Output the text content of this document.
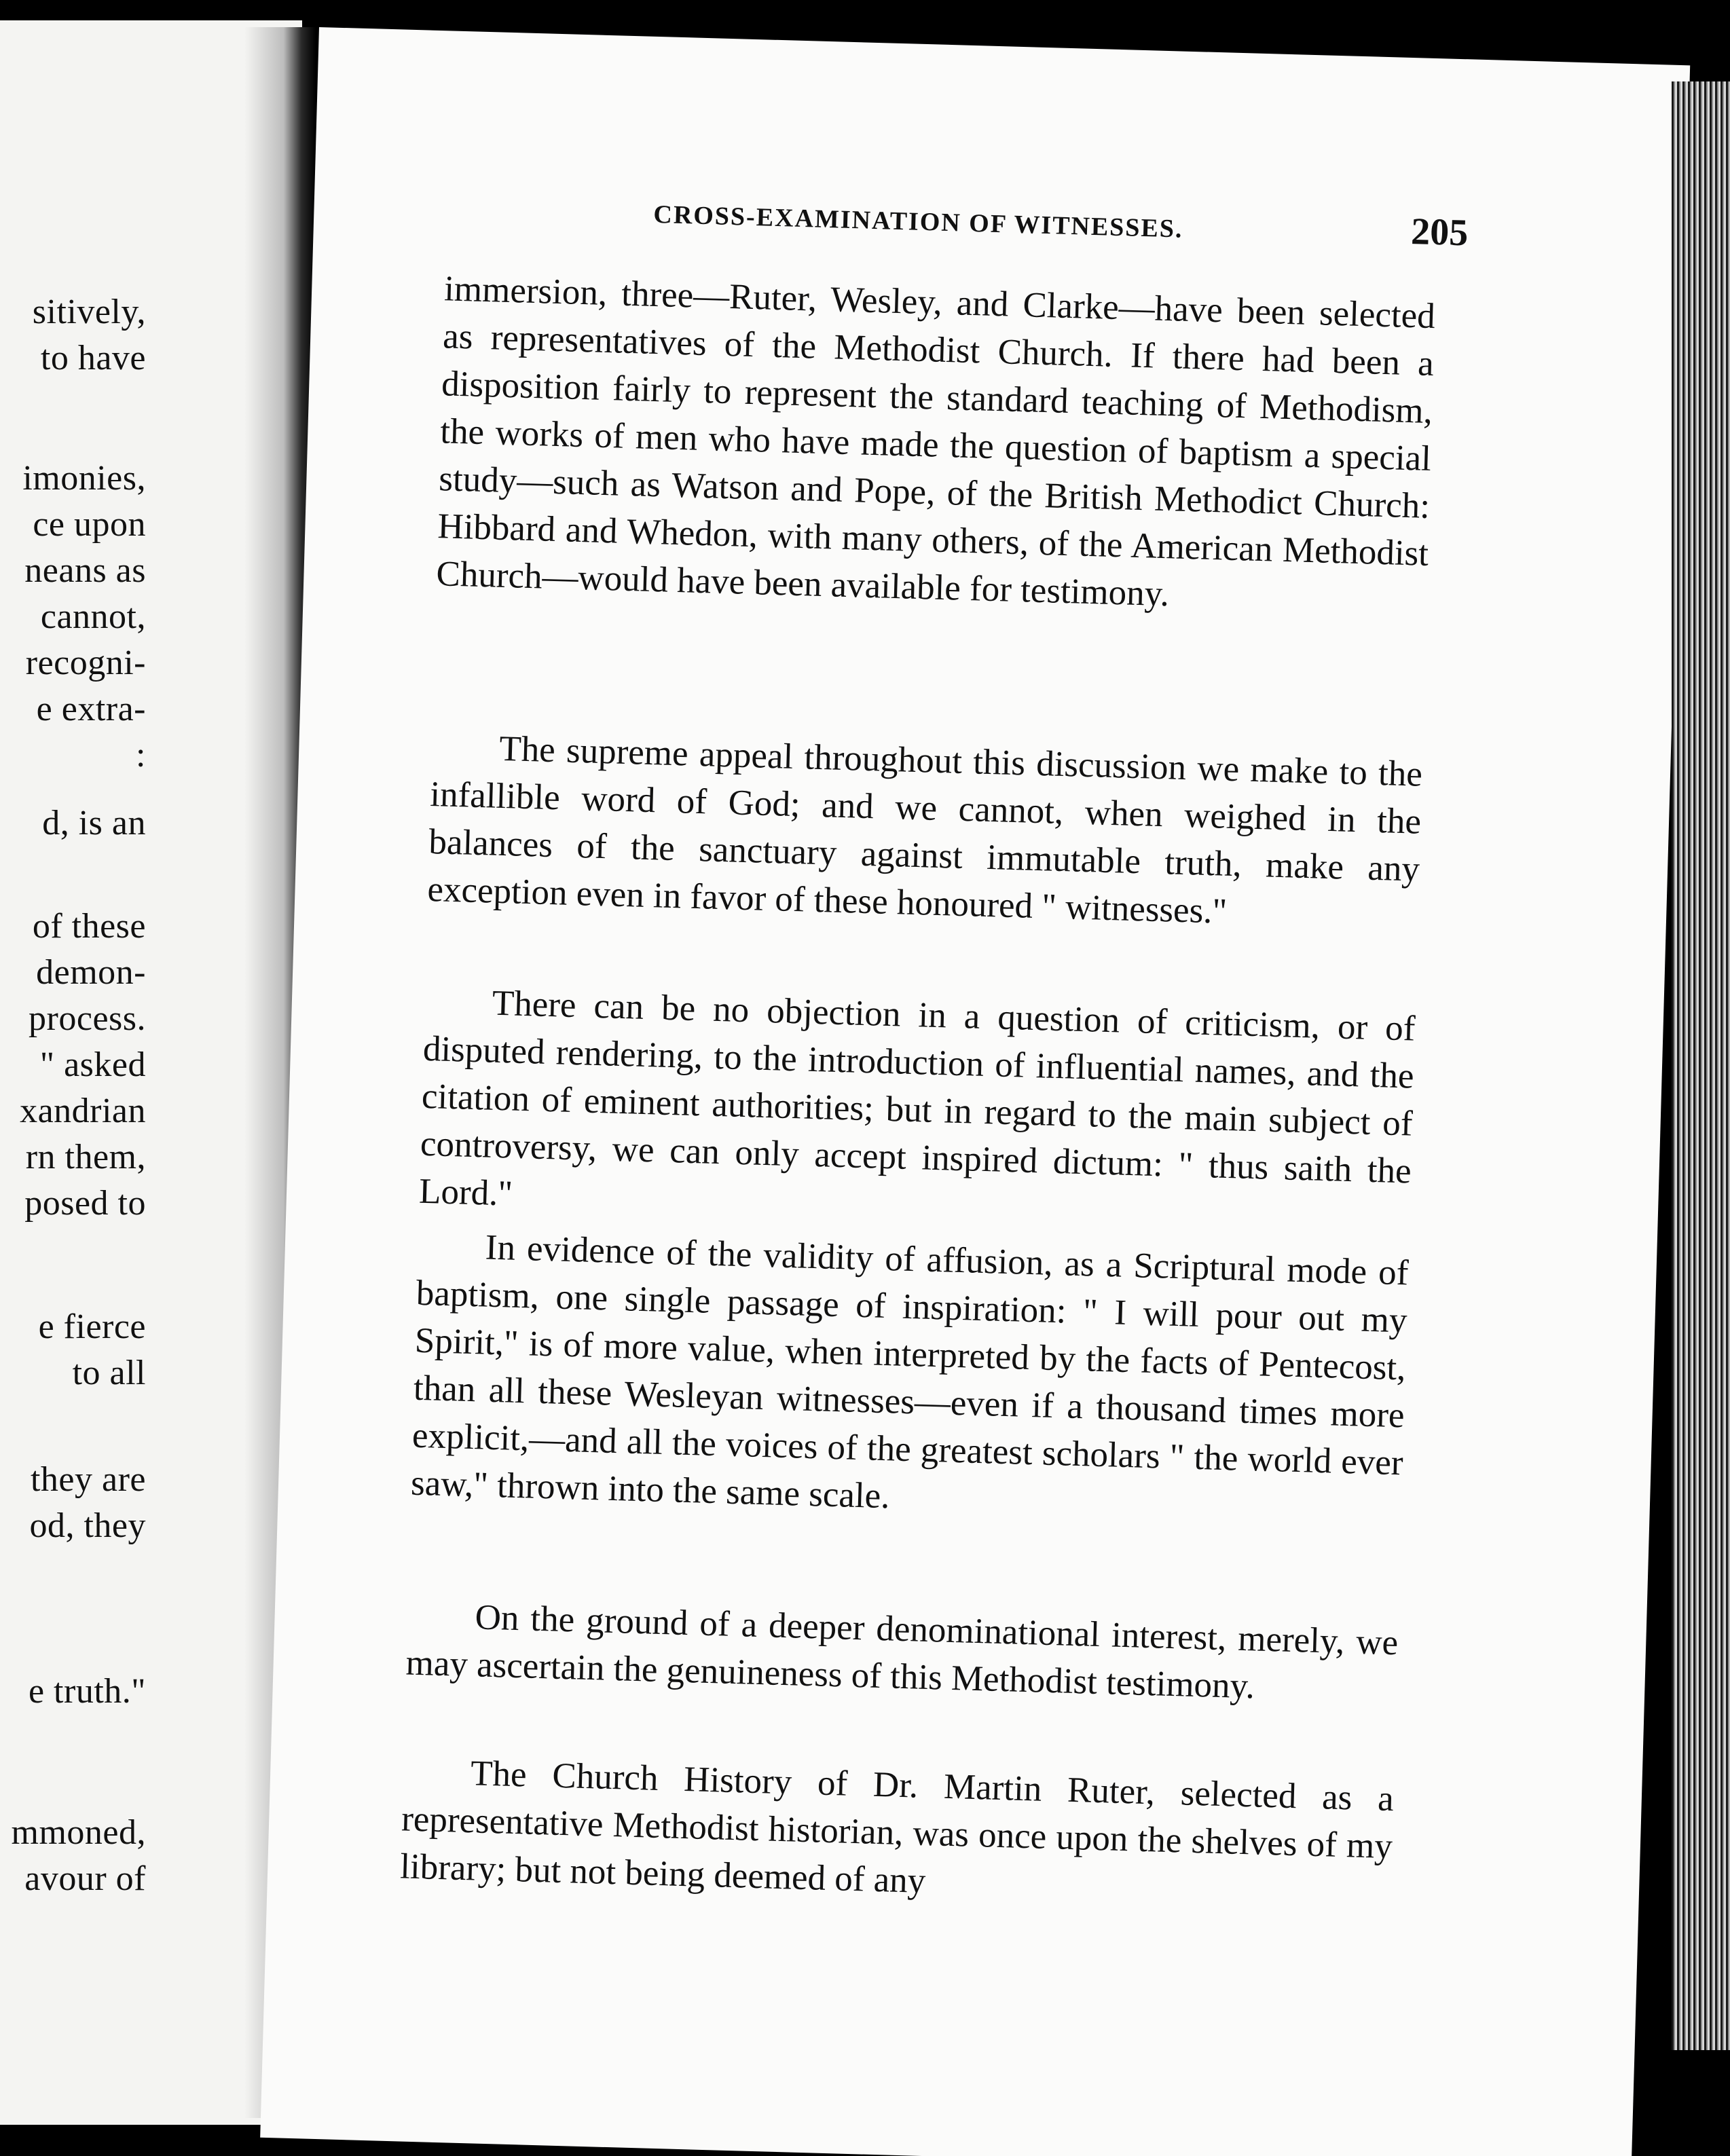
sitively,
to have
imonies,
ce upon
neans as
cannot,
recogni-
e extra-
:
d, is an
of these
demon-
process.
" asked
xandrian
rn them,
posed to
e fierce
to all
they are
od, they
e truth."
mmoned,
avour of
CROSS-EXAMINATION OF WITNESSES.	205

immersion, three—Ruter, Wesley, and Clarke—have been selected as representatives of the Methodist Church. If there had been a disposition fairly to represent the standard teaching of Methodism, the works of men who have made the question of baptism a special study—such as Watson and Pope, of the British Methodict Church: Hibbard and Whedon, with many others, of the American Methodist Church—would have been available for testimony.

The supreme appeal throughout this discussion we make to the infallible word of God; and we cannot, when weighed in the balances of the sanctuary against immutable truth, make any exception even in favor of these honoured " witnesses."

There can be no objection in a question of criticism, or of disputed rendering, to the introduction of influential names, and the citation of eminent authorities; but in regard to the main subject of controversy, we can only accept inspired dictum: " thus saith the Lord."

In evidence of the validity of affusion, as a Scriptural mode of baptism, one single passage of inspiration: " I will pour out my Spirit," is of more value, when interpreted by the facts of Pentecost, than all these Wesleyan witnesses—even if a thousand times more explicit,—and all the voices of the greatest scholars " the world ever saw," thrown into the same scale.

On the ground of a deeper denominational interest, merely, we may ascertain the genuineness of this Methodist testimony.

The Church History of Dr. Martin Ruter, selected as a representative Methodist historian, was once upon the shelves of my library; but not being deemed of any
